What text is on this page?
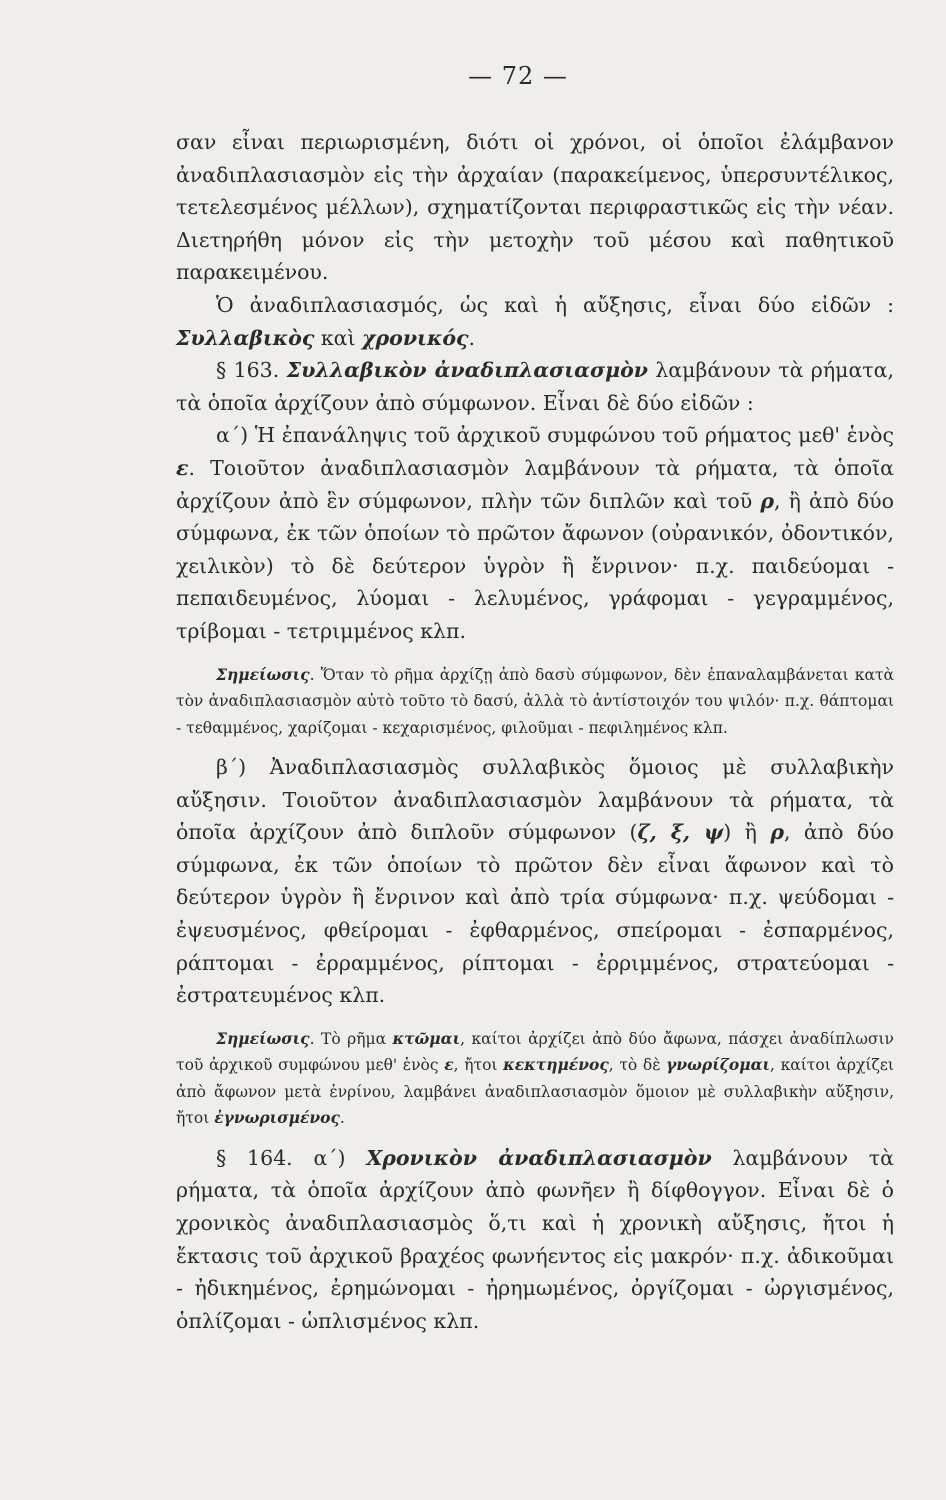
— 72 —

σαν εἶναι περιωρισμένη, διότι οἱ χρόνοι, οἱ ὁποῖοι ἐλάμβανον ἀναδιπλασιασμὸν εἰς τὴν ἀρχαίαν (παρακείμενος, ὑπερσυντέλικος, τετελεσμένος μέλλων), σχηματίζονται περιφραστικῶς εἰς τὴν νέαν. Διετηρήθη μόνον εἰς τὴν μετοχὴν τοῦ μέσου καὶ παθητικοῦ παρακειμένου.

Ὁ ἀναδιπλασιασμός, ὡς καὶ ἡ αὔξησις, εἶναι δύο εἰδῶν : Συλλαβικὸς καὶ χρονικός.

§ 163. Συλλαβικὸν ἀναδιπλασιασμὸν λαμβάνουν τὰ ρήματα, τὰ ὁποῖα ἀρχίζουν ἀπὸ σύμφωνον. Εἶναι δὲ δύο εἰδῶν :

α΄) Ἡ ἐπανάληψις τοῦ ἀρχικοῦ συμφώνου τοῦ ρήματος μεθ' ἑνὸς ε. Τοιοῦτον ἀναδιπλασιασμὸν λαμβάνουν τὰ ρήματα, τὰ ὁποῖα ἀρχίζουν ἀπὸ ἓν σύμφωνον, πλὴν τῶν διπλῶν καὶ τοῦ ρ, ἢ ἀπὸ δύο σύμφωνα, ἐκ τῶν ὁποίων τὸ πρῶτον ἄφωνον (οὐρανικόν, ὀδοντικόν, χειλικὸν) τὸ δὲ δεύτερον ὑγρὸν ἢ ἔνρινον· π.χ. παιδεύομαι - πεπαιδευμένος, λύομαι - λελυμένος, γράφομαι - γεγραμμένος, τρίβομαι - τετριμμένος κλπ.

Σημείωσις. Ὅταν τὸ ρῆμα ἀρχίζῃ ἀπὸ δασὺ σύμφωνον, δὲν ἐπαναλαμβάνεται κατὰ τὸν ἀναδιπλασιασμὸν αὐτὸ τοῦτο τὸ δασύ, ἀλλὰ τὸ ἀντίστοιχόν του ψιλόν· π.χ. θάπτομαι - τεθαμμένος, χαρίζομαι - κεχαρισμένος, φιλοῦμαι - πεφιλημένος κλπ.

β΄) Ἀναδιπλασιασμὸς συλλαβικὸς ὅμοιος μὲ συλλαβικὴν αὔξησιν. Τοιοῦτον ἀναδιπλασιασμὸν λαμβάνουν τὰ ρήματα, τὰ ὁποῖα ἀρχίζουν ἀπὸ διπλοῦν σύμφωνον (ζ, ξ, ψ) ἢ ρ, ἀπὸ δύο σύμφωνα, ἐκ τῶν ὁποίων τὸ πρῶτον δὲν εἶναι ἄφωνον καὶ τὸ δεύτερον ὑγρὸν ἢ ἔνρινον καὶ ἀπὸ τρία σύμφωνα· π.χ. ψεύδομαι - ἐψευσμένος, φθείρομαι - ἐφθαρμένος, σπείρομαι - ἐσπαρμένος, ράπτομαι - ἐρραμμένος, ρίπτομαι - ἐρριμμένος, στρατεύομαι - ἐστρατευμένος κλπ.

Σημείωσις. Τὸ ρῆμα κτῶμαι, καίτοι ἀρχίζει ἀπὸ δύο ἄφωνα, πάσχει ἀναδίπλωσιν τοῦ ἀρχικοῦ συμφώνου μεθ' ἑνὸς ε, ἤτοι κεκτημένος, τὸ δὲ γνωρίζομαι, καίτοι ἀρχίζει ἀπὸ ἄφωνον μετὰ ἐνρίνου, λαμβάνει ἀναδιπλασιασμὸν ὅμοιον μὲ συλλαβικὴν αὔξησιν, ἤτοι ἐγνωρισμένος.

§ 164. α΄) Χρονικὸν ἀναδιπλασιασμὸν λαμβάνουν τὰ ρήματα, τὰ ὁποῖα ἀρχίζουν ἀπὸ φωνῆεν ἢ δίφθογγον. Εἶναι δὲ ὁ χρονικὸς ἀναδιπλασιασμὸς ὅ,τι καὶ ἡ χρονικὴ αὔξησις, ἤτοι ἡ ἔκτασις τοῦ ἀρχικοῦ βραχέος φωνήεντος εἰς μακρόν· π.χ. ἀδικοῦμαι - ἠδικημένος, ἐρημώνομαι - ἠρημωμένος, ὀργίζομαι - ὠργισμένος, ὁπλίζομαι - ὡπλισμένος κλπ.
